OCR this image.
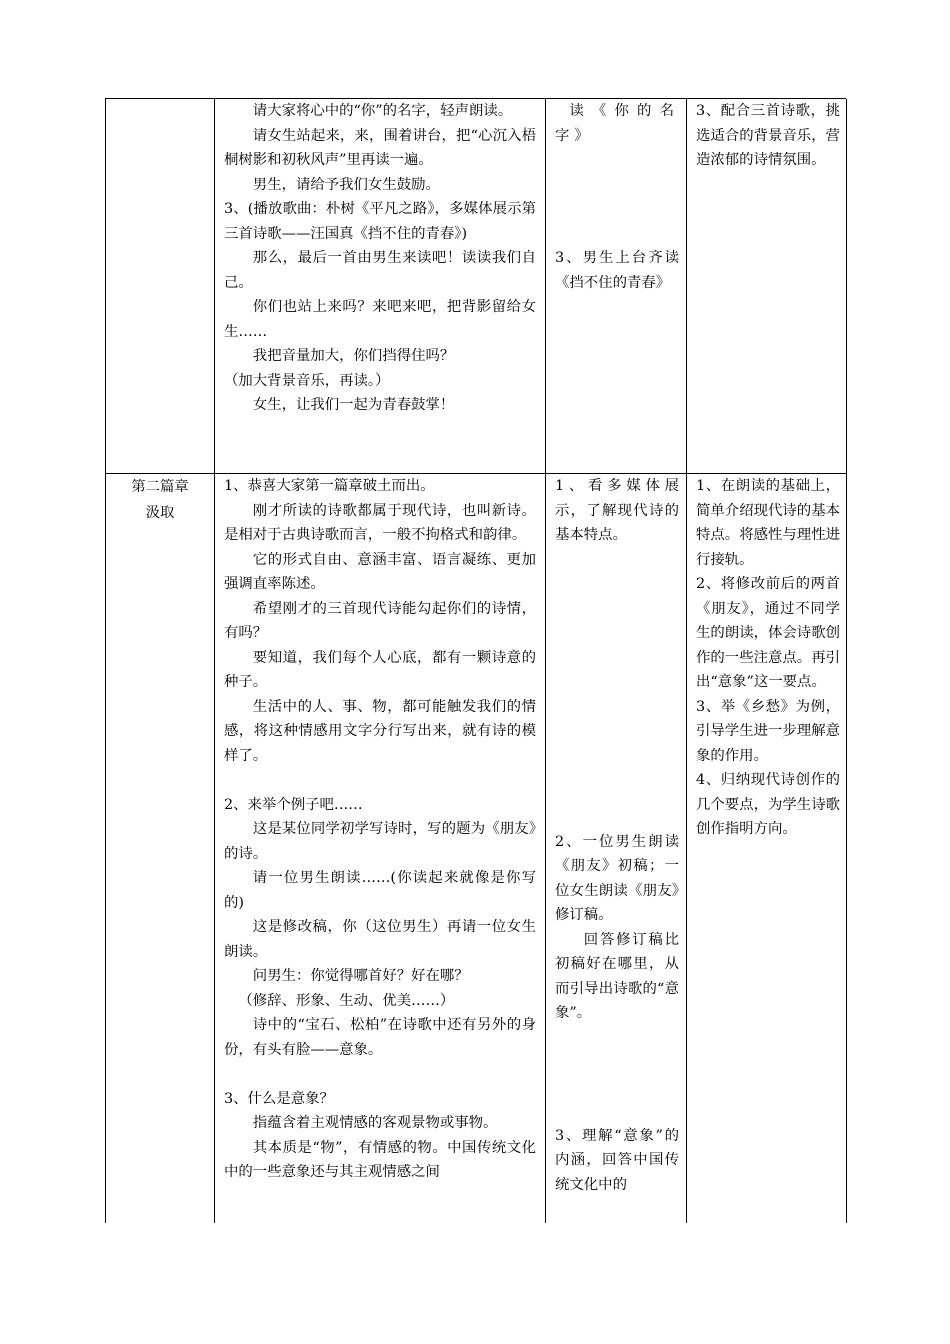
请大家将心中的“你”的名字，轻声朗读。

请女生站起来，来，围着讲台，把“心沉入梧桐树影和初秋风声”里再读一遍。

男生，请给予我们女生鼓励。

3、(播放歌曲：朴树《平凡之路》，多媒体展示第三首诗歌——汪国真《挡不住的青春》)

那么，最后一首由男生来读吧！读读我们自己。

你们也站上来吗？来吧来吧，把背影留给女生……

我把音量加大，你们挡得住吗？

（加大背景音乐，再读。）

女生，让我们一起为青春鼓掌！

读《你的名字》

3、男生上台齐读《挡不住的青春》

3、配合三首诗歌，挑选适合的背景音乐，营造浓郁的诗情氛围。

第二篇章
汲取

1、恭喜大家第一篇章破土而出。

刚才所读的诗歌都属于现代诗，也叫新诗。是相对于古典诗歌而言，一般不拘格式和韵律。

它的形式自由、意涵丰富、语言凝练、更加强调直率陈述。

希望刚才的三首现代诗能勾起你们的诗情，有吗？

要知道，我们每个人心底，都有一颗诗意的种子。

生活中的人、事、物，都可能触发我们的情感，将这种情感用文字分行写出来，就有诗的模样了。

2、来举个例子吧……

这是某位同学初学写诗时，写的题为《朋友》的诗。

请一位男生朗读……(你读起来就像是你写的)

这是修改稿，你（这位男生）再请一位女生朗读。

问男生：你觉得哪首好？好在哪？

（修辞、形象、生动、优美……）

诗中的“宝石、松柏”在诗歌中还有另外的身份，有头有脸——意象。

3、什么是意象？

指蕴含着主观情感的客观景物或事物。

其本质是“物”，有情感的物。中国传统文化中的一些意象还与其主观情感之间

1、看多媒体展示，了解现代诗的基本特点。

2、一位男生朗读《朋友》初稿；一位女生朗读《朋友》修订稿。

回答修订稿比初稿好在哪里，从而引导出诗歌的“意象”。

3、理解“意象”的内涵，回答中国传统文化中的

1、在朗读的基础上，简单介绍现代诗的基本特点。将感性与理性进行接轨。

2、将修改前后的两首《朋友》，通过不同学生的朗读，体会诗歌创作的一些注意点。再引出“意象”这一要点。

3、举《乡愁》为例，引导学生进一步理解意象的作用。

4、归纳现代诗创作的几个要点，为学生诗歌创作指明方向。
